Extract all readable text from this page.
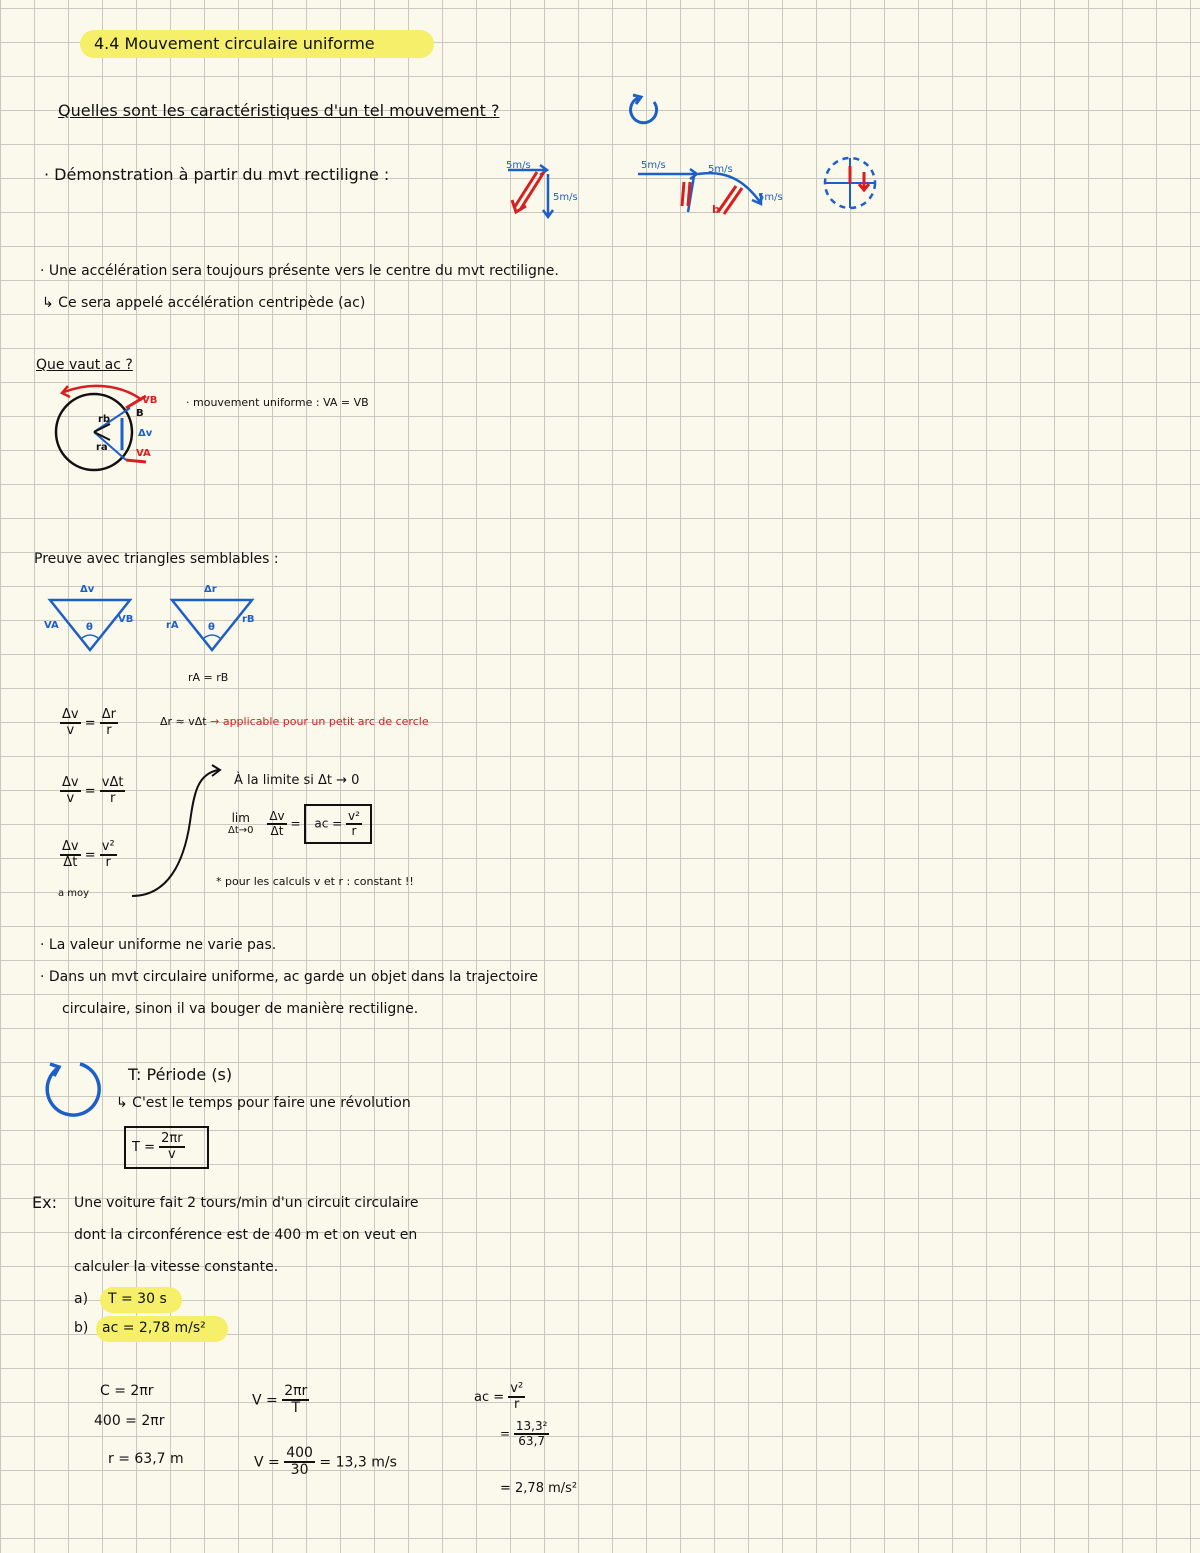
4.4 Mouvement circulaire uniforme
Quelles sont les caractéristiques d'un tel mouvement ?
· Démonstration à partir du mvt rectiligne :	5m/s
5m/s
5m/s	5m/s
5m/s
b
· Une accélération sera toujours présente vers le centre du mvt rectiligne.
↳ Ce sera appelé accélération centripède (ac)
Que vaut ac ?
VB
Δv
VA
rb
ra
B
· mouvement uniforme : VA = VB
Preuve avec triangles semblables :
Δv
VA
VB
θ
Δr
rA
rB
θ
rA = rB
$\frac{\Delta v}{v} = \frac{\Delta r}{r}$	Δr ≈ vΔt → applicable pour un petit arc de cercle
$\frac{\Delta v}{v} = \frac{\text{vΔt}}{r}$
$\frac{\Delta v}{\Delta t} = \frac{\text{v²}}{r}$
a moy
À la limite si Δt → 0
lim
Δt→0
$\frac{\Delta v}{\Delta t}$ = ac = $\frac{\text{v²}}{r}$
* pour les calculs v et r : constant !!
· La valeur uniforme ne varie pas.
· Dans un mvt circulaire uniforme, ac garde un objet dans la trajectoire
circulaire, sinon il va bouger de manière rectiligne.
T: Période (s)
↳ C'est le temps pour faire une révolution
$T = \frac{2\pi r}{v}$
Ex: Une voiture fait 2 tours/min d'un circuit circulaire
dont la circonférence est de 400 m et on veut en
calculer la vitesse constante.
a) T = 30 s
b) ac = 2,78 m/s²
C = 2πr
400 = 2πr
r = 63,7 m
$V = \frac{2\pi r}{T}$
$V = \frac{400}{30} = 13,3$ m/s
ac = $\frac{\text{v²}}{r}$
= $\frac{\text{13,3²}}{63,7}$
= 2,78 m/s²
